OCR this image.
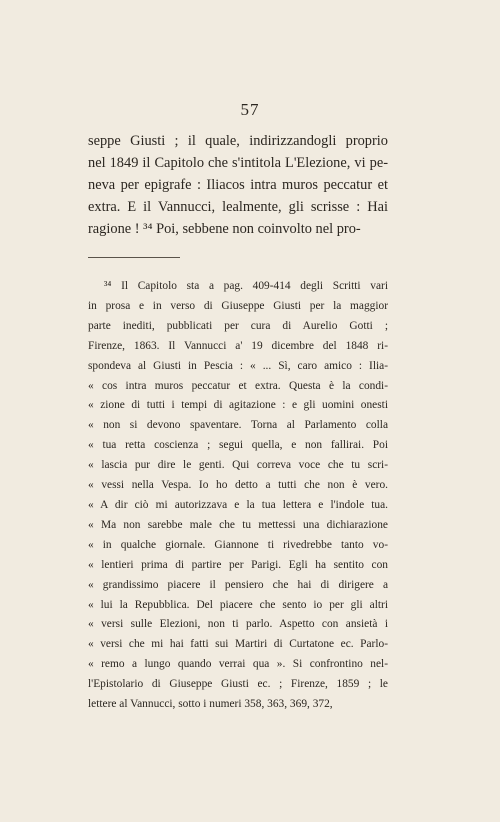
57
seppe Giusti ; il quale, indirizzandogli proprio
nel 1849 il Capitolo che s'intitola L'Elezione, vi pe-
neva per epigrafe : Iliacos intra muros peccatur et
extra. E il Vannucci, lealmente, gli scrisse : Hai
ragione ! ³⁴ Poi, sebbene non coinvolto nel pro-
³⁴ Il Capitolo sta a pag. 409-414 degli Scritti vari
in prosa e in verso di Giuseppe Giusti per la maggior
parte inediti, pubblicati per cura di Aurelio Gotti ;
Firenze, 1863. Il Vannucci a' 19 dicembre del 1848 ri-
spondeva al Giusti in Pescia : « ... Sì, caro amico : Ilia-
« cos intra muros peccatur et extra. Questa è la condi-
« zione di tutti i tempi di agitazione : e gli uomini onesti
« non si devono spaventare. Torna al Parlamento colla
« tua retta coscienza ; segui quella, e non fallirai. Poi
« lascia pur dire le genti. Qui correva voce che tu scri-
« vessi nella Vespa. Io ho detto a tutti che non è vero.
« A dir ciò mi autorizzava e la tua lettera e l'indole tua.
« Ma non sarebbe male che tu mettessi una dichiarazione
« in qualche giornale. Giannone ti rivedrebbe tanto vo-
« lentieri prima di partire per Parigi. Egli ha sentito con
« grandissimo piacere il pensiero che hai di dirigere a
« lui la Repubblica. Del piacere che sento io per gli altri
« versi sulle Elezioni, non ti parlo. Aspetto con ansietà i
« versi che mi hai fatti sui Martiri di Curtatone ec. Parlo-
« remo a lungo quando verrai qua ». Si confrontino nel-
l'Epistolario di Giuseppe Giusti ec. ; Firenze, 1859 ; le
lettere al Vannucci, sotto i numeri 358, 363, 369, 372,
